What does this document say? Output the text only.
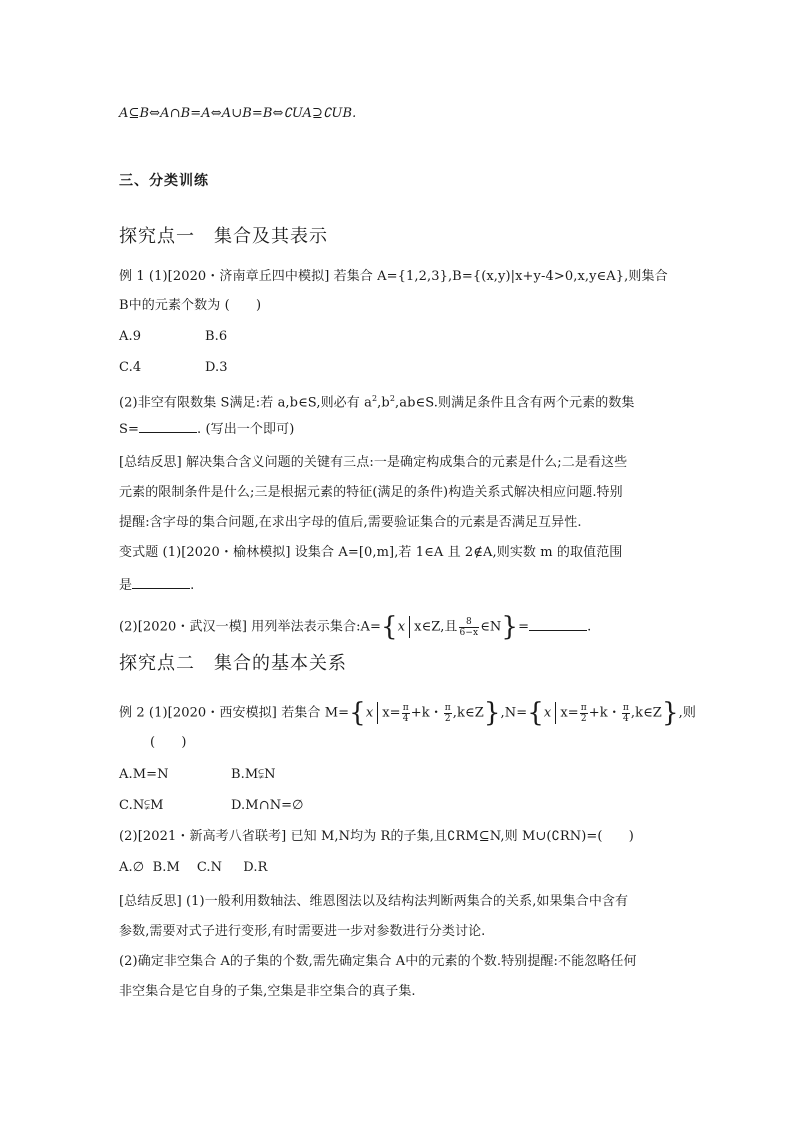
A⊆B⇔A∩B=A⇔A∪B=B⇔∁UA⊇∁UB.
三、分类训练
探究点一　集合及其表示
例 1 (1)[2020・济南章丘四中模拟] 若集合 A={1,2,3},B={(x,y)|x+y-4>0,x,y∈A},则集合
B中的元素个数为 (　　)
A.9	B.6
C.4	D.3
(2)非空有限数集 S满足:若 a,b∈S,则必有 $a^2,b^2,ab\in S$.则满足条件且含有两个元素的数集
S=	. (写出一个即可)
[总结反思] 解决集合含义问题的关键有三点:一是确定构成集合的元素是什么;二是看这些
元素的限制条件是什么;三是根据元素的特征(满足的条件)构造关系式解决相应问题.特别
提醒:含字母的集合问题,在求出字母的值后,需要验证集合的元素是否满足互异性.
变式题 (1)[2020・榆林模拟] 设集合 A=[0,m],若 1∈A 且 2∉A,则实数 m 的取值范围
是	.
(2)[2020・武汉一模] 用列举法表示集合:A={x x∈Z,且 $\frac{8}{6-x}$ ∈N}=	.
探究点二　集合的基本关系
例 2 (1)[2020・西安模拟] 若集合 M={x $x= \frac{\pi}{4} +k$・ $\frac{\pi}{2}$ ,k∈Z},N={x $x= \frac{\pi}{2} +k$・ $\frac{\pi}{4}$ ,k∈Z},则
(　　)
A.M=N	B.M⫋N
C.N⫋M	D.M∩N=∅
(2)[2021・新高考八省联考] 已知 M,N均为 R的子集,且∁RM⊆N,则 M∪(∁RN)=(　　)
A.∅  B.M    C.N     D.R
[总结反思] (1)一般利用数轴法、维恩图法以及结构法判断两集合的关系,如果集合中含有
参数,需要对式子进行变形,有时需要进一步对参数进行分类讨论.
(2)确定非空集合 A的子集的个数,需先确定集合 A中的元素的个数.特别提醒:不能忽略任何
非空集合是它自身的子集,空集是非空集合的真子集.
